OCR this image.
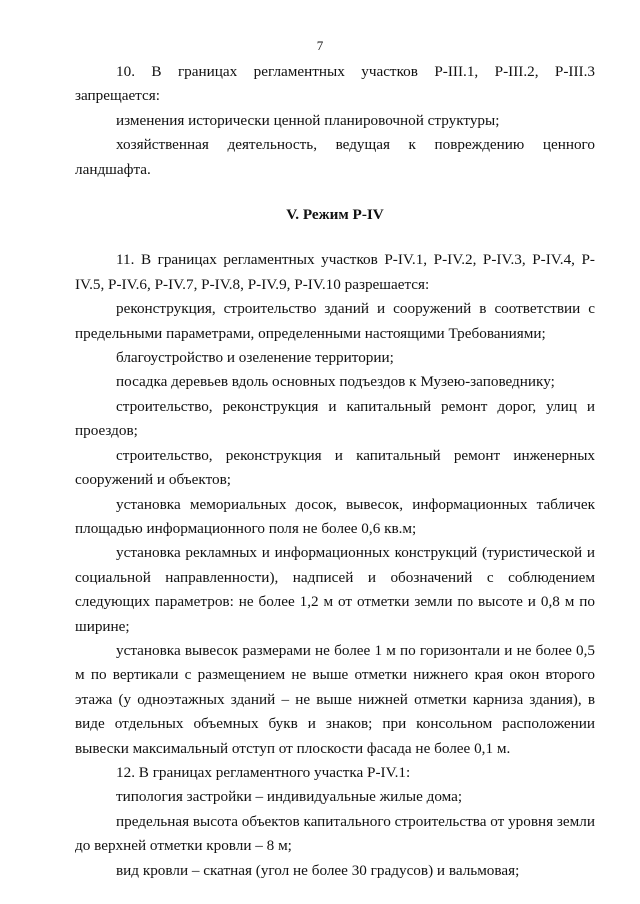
7

10. В границах регламентных участков Р-III.1, Р-III.2, Р-III.3 запрещается:

изменения исторически ценной планировочной структуры;

хозяйственная деятельность, ведущая к повреждению ценного ландшафта.

V. Режим Р-IV

11. В границах регламентных участков Р-IV.1, Р-IV.2, Р-IV.3, Р-IV.4, Р-IV.5, Р-IV.6, Р-IV.7, Р-IV.8, Р-IV.9, Р-IV.10 разрешается:

реконструкция, строительство зданий и сооружений в соответствии с предельными параметрами, определенными настоящими Требованиями;

благоустройство и озеленение территории;

посадка деревьев вдоль основных подъездов к Музею-заповеднику;

строительство, реконструкция и капитальный ремонт дорог, улиц и проездов;

строительство, реконструкция и капитальный ремонт инженерных сооружений и объектов;

установка мемориальных досок, вывесок, информационных табличек площадью информационного поля не более 0,6 кв.м;

установка рекламных и информационных конструкций (туристической и социальной направленности), надписей и обозначений с соблюдением следующих параметров: не более 1,2 м от отметки земли по высоте и 0,8 м по ширине;

установка вывесок размерами не более 1 м по горизонтали и не более 0,5 м по вертикали с размещением не выше отметки нижнего края окон второго этажа (у одноэтажных зданий – не выше нижней отметки карниза здания), в виде отдельных объемных букв и знаков; при консольном расположении вывески максимальный отступ от плоскости фасада не более 0,1 м.

12. В границах регламентного участка Р-IV.1:

типология застройки – индивидуальные жилые дома;

предельная высота объектов капитального строительства от уровня земли до верхней отметки кровли – 8 м;

вид кровли – скатная (угол не более 30 градусов) и вальмовая;
